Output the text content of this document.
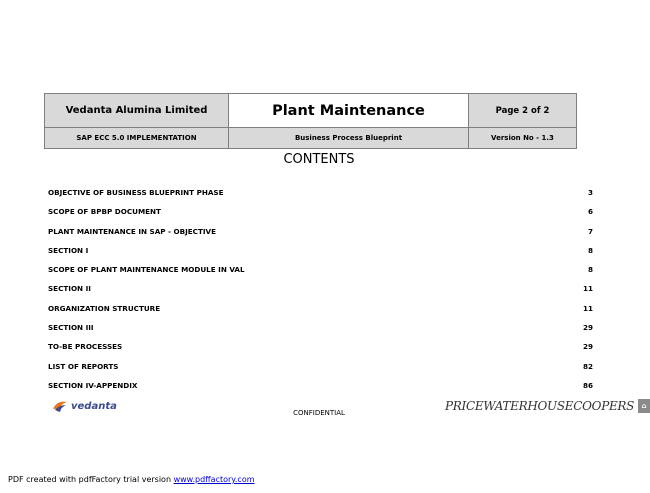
Vedanta Alumina Limited	Plant Maintenance	Page 2 of 2
SAP ECC 5.0 IMPLEMENTATION	Business Process Blueprint	Version No - 1.3
CONTENTS
OBJECTIVE OF BUSINESS BLUEPRINT PHASE	3
SCOPE OF BPBP DOCUMENT	6
PLANT MAINTENANCE IN SAP - OBJECTIVE	7
SECTION I	8
SCOPE OF PLANT MAINTENANCE MODULE IN VAL	8
SECTION II	11
ORGANIZATION STRUCTURE	11
SECTION III	29
TO-BE PROCESSES	29
LIST OF REPORTS	82
SECTION IV-APPENDIX	86
vedanta
CONFIDENTIAL	PRICEWATERHOUSECOOPERS	⌂
PDF created with pdfFactory trial version www.pdffactory.com
